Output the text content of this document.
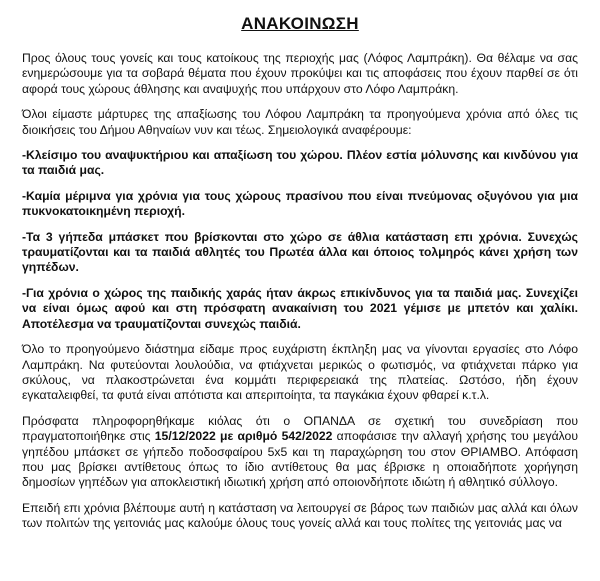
ΑΝΑΚΟΙΝΩΣΗ

Προς όλους τους γονείς και τους κατοίκους της περιοχής μας (Λόφος Λαμπράκη). Θα θέλαμε να σας ενημερώσουμε για τα σοβαρά θέματα που έχουν προκύψει και τις αποφάσεις που έχουν παρθεί σε ότι αφορά τους χώρους άθλησης και αναψυχής που υπάρχουν στο Λόφο Λαμπράκη.

Όλοι είμαστε μάρτυρες της απαξίωσης του Λόφου Λαμπράκη τα προηγούμενα χρόνια από όλες τις διοικήσεις του Δήμου Αθηναίων νυν και τέως. Σημειολογικά αναφέρουμε:

-Κλείσιμο του αναψυκτήριου και απαξίωση του χώρου. Πλέον εστία μόλυνσης και κινδύνου για τα παιδιά μας.

-Καμία μέριμνα για χρόνια για τους χώρους πρασίνου που είναι πνεύμονας οξυγόνου για μια πυκνοκατοικημένη περιοχή.

-Τα 3 γήπεδα μπάσκετ που βρίσκονται στο χώρο σε άθλια κατάσταση επι χρόνια. Συνεχώς τραυματίζονται και τα παιδιά αθλητές του Πρωτέα άλλα και όποιος τολμηρός κάνει χρήση των γηπέδων.

-Για χρόνια ο χώρος της παιδικής χαράς ήταν άκρως επικίνδυνος για τα παιδιά μας. Συνεχίζει να είναι όμως αφού και στη πρόσφατη ανακαίνιση του 2021 γέμισε με μπετόν και χαλίκι. Αποτέλεσμα να τραυματίζονται συνεχώς παιδιά.

Όλο το προηγούμενο διάστημα είδαμε προς ευχάριστη έκπληξη μας να γίνονται εργασίες στο Λόφο Λαμπράκη. Να φυτεύονται λουλούδια, να φτιάχνεται μερικώς ο φωτισμός, να φτιάχνεται πάρκο για σκύλους, να πλακοστρώνεται ένα κομμάτι περιφερειακά της πλατείας. Ωστόσο, ήδη έχουν εγκαταλειφθεί, τα φυτά είναι απότιστα και απεριποίητα, τα παγκάκια έχουν φθαρεί κ.τ.λ.

Πρόσφατα πληροφορηθήκαμε κιόλας ότι ο ΟΠΑΝΔΑ σε σχετική του συνεδρίαση που πραγματοποιήθηκε στις 15/12/2022 με αριθμό 542/2022 αποφάσισε την αλλαγή χρήσης του μεγάλου γηπέδου μπάσκετ σε γήπεδο ποδοσφαίρου 5x5 και τη παραχώρηση του στον ΘΡΙΑΜΒΟ. Απόφαση που μας βρίσκει αντίθετους όπως το ίδιο αντίθετους θα μας έβρισκε η οποιαδήποτε χορήγηση δημοσίων γηπέδων για αποκλειστική ιδιωτική χρήση από οποιονδήποτε ιδιώτη ή αθλητικό σύλλογο.

Επειδή επι χρόνια βλέπουμε αυτή η κατάσταση να λειτουργεί σε βάρος των παιδιών μας αλλά και όλων των πολιτών της γειτονιάς μας καλούμε όλους τους γονείς αλλά και τους πολίτες της γειτονιάς μας να
